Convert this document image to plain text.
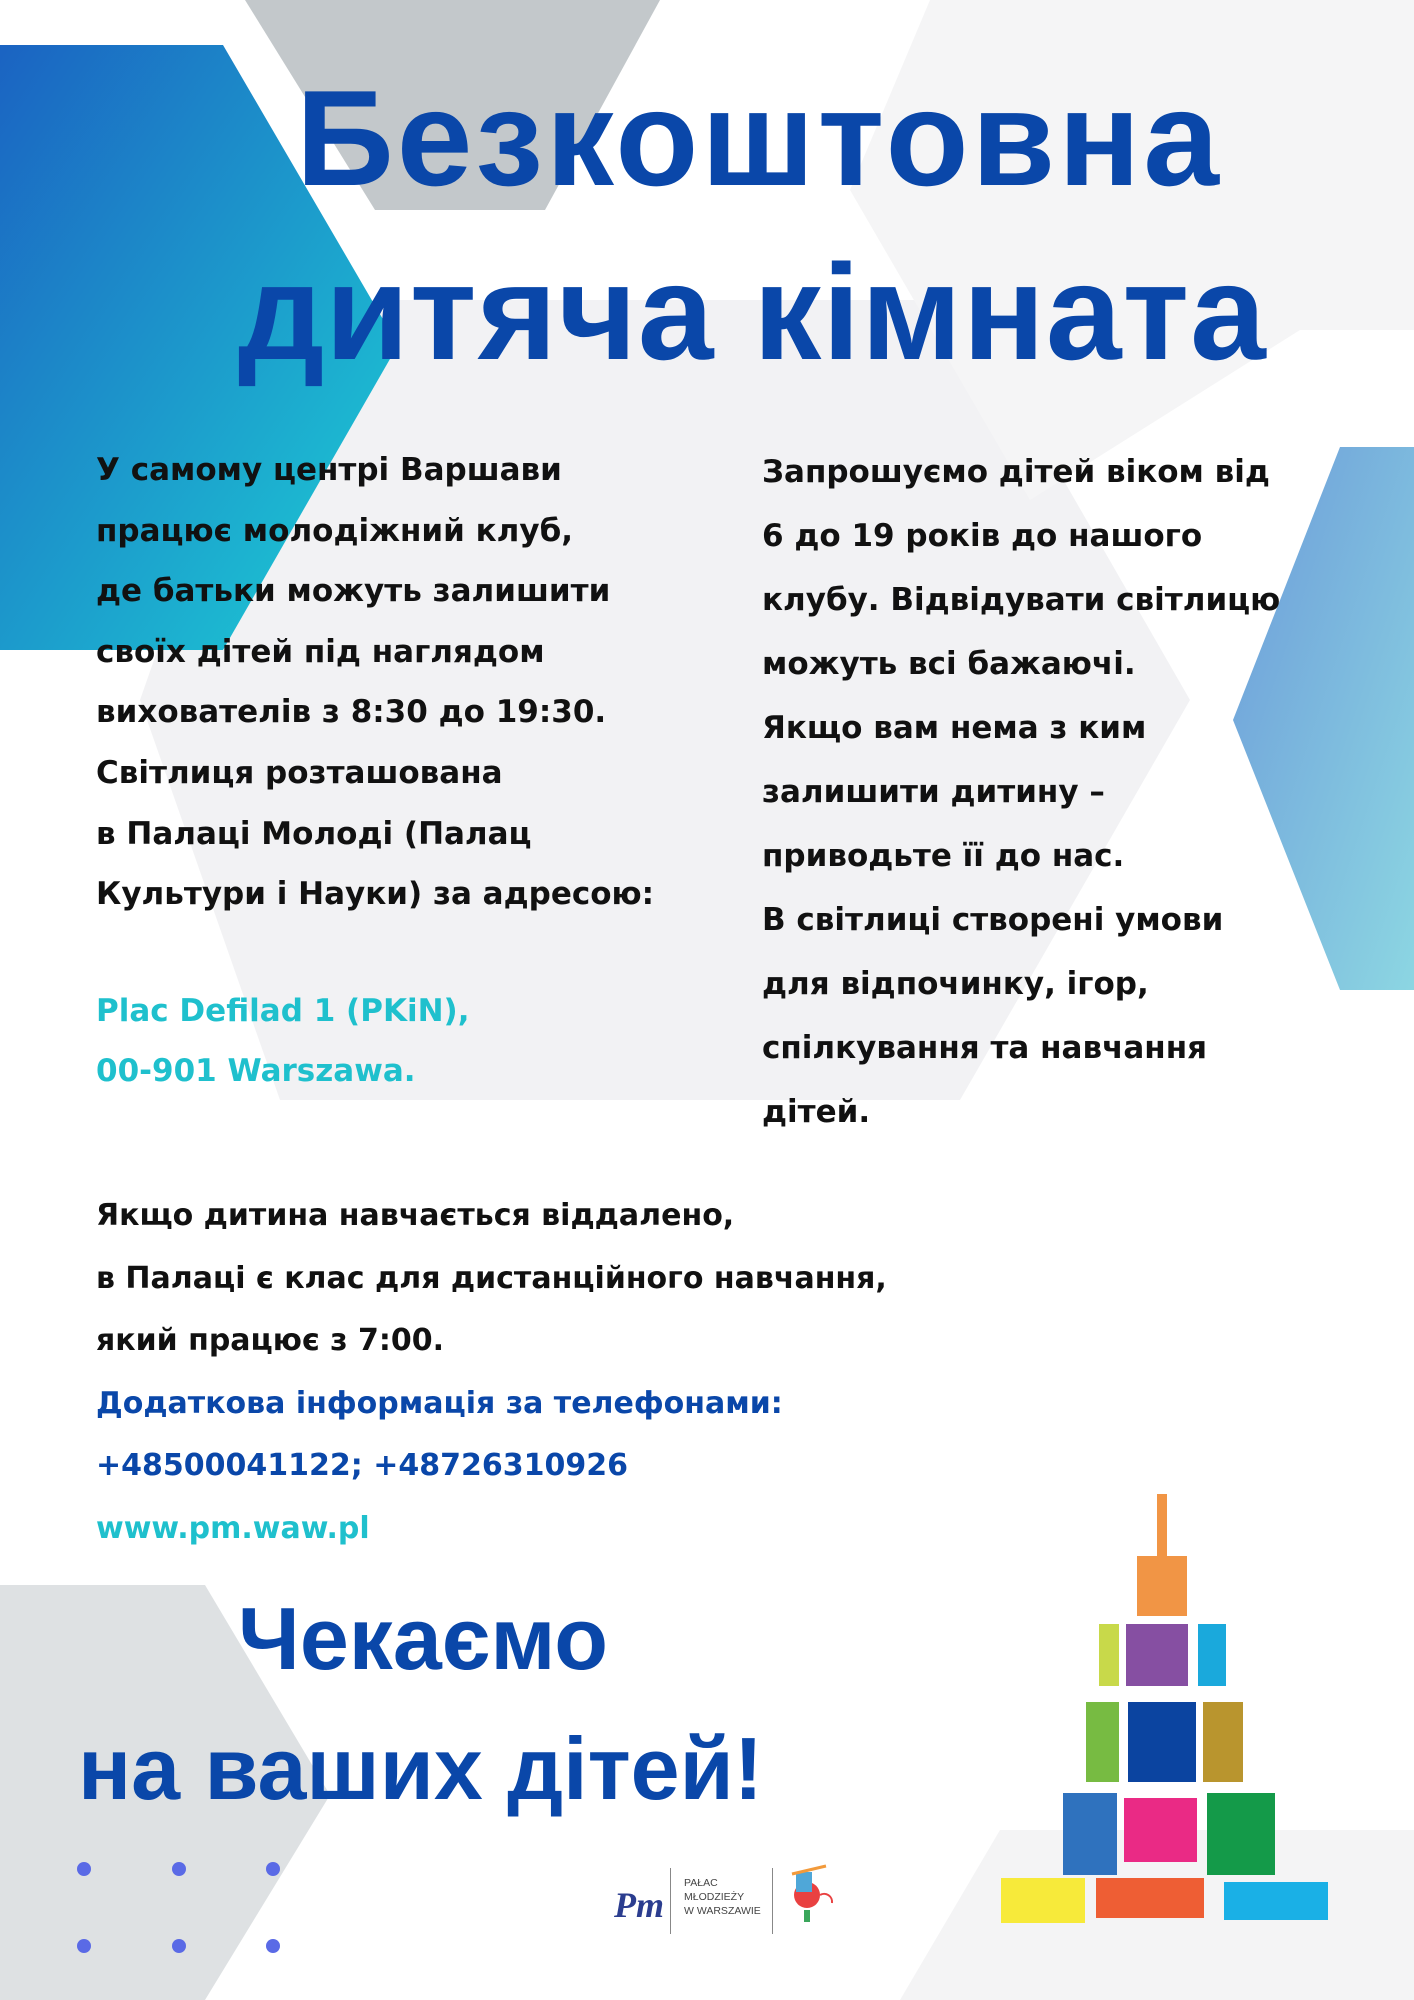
Безкоштовна
дитяча кімната
У самому центрі Варшави
працює молодіжний клуб,
де батьки можуть залишити
своїх дітей під наглядом
вихователів з 8:30 до 19:30.
Світлиця розташована
в Палаці Молоді (Палац
Культури і Науки) за адресою:
Plac Defilad 1 (PKiN),
00-901 Warszawa.
Запрошуємо дітей віком від
6 до 19 років до нашого
клубу. Відвідувати світлицю
можуть всі бажаючі.
Якщо вам нема з ким
залишити дитину –
приводьте її до нас.
В світлиці створені умови
для відпочинку, ігор,
спілкування та навчання
дітей.
Якщо дитина навчається віддалено,
в Палаці є клас для дистанційного навчання,
який працює з 7:00.
Додаткова інформація за телефонами:
+48500041122; +48726310926
www.pm.waw.pl
Чекаємо
на ваших дітей!
Pm
PAŁAC
MŁODZIEŻY
W WARSZAWIE
